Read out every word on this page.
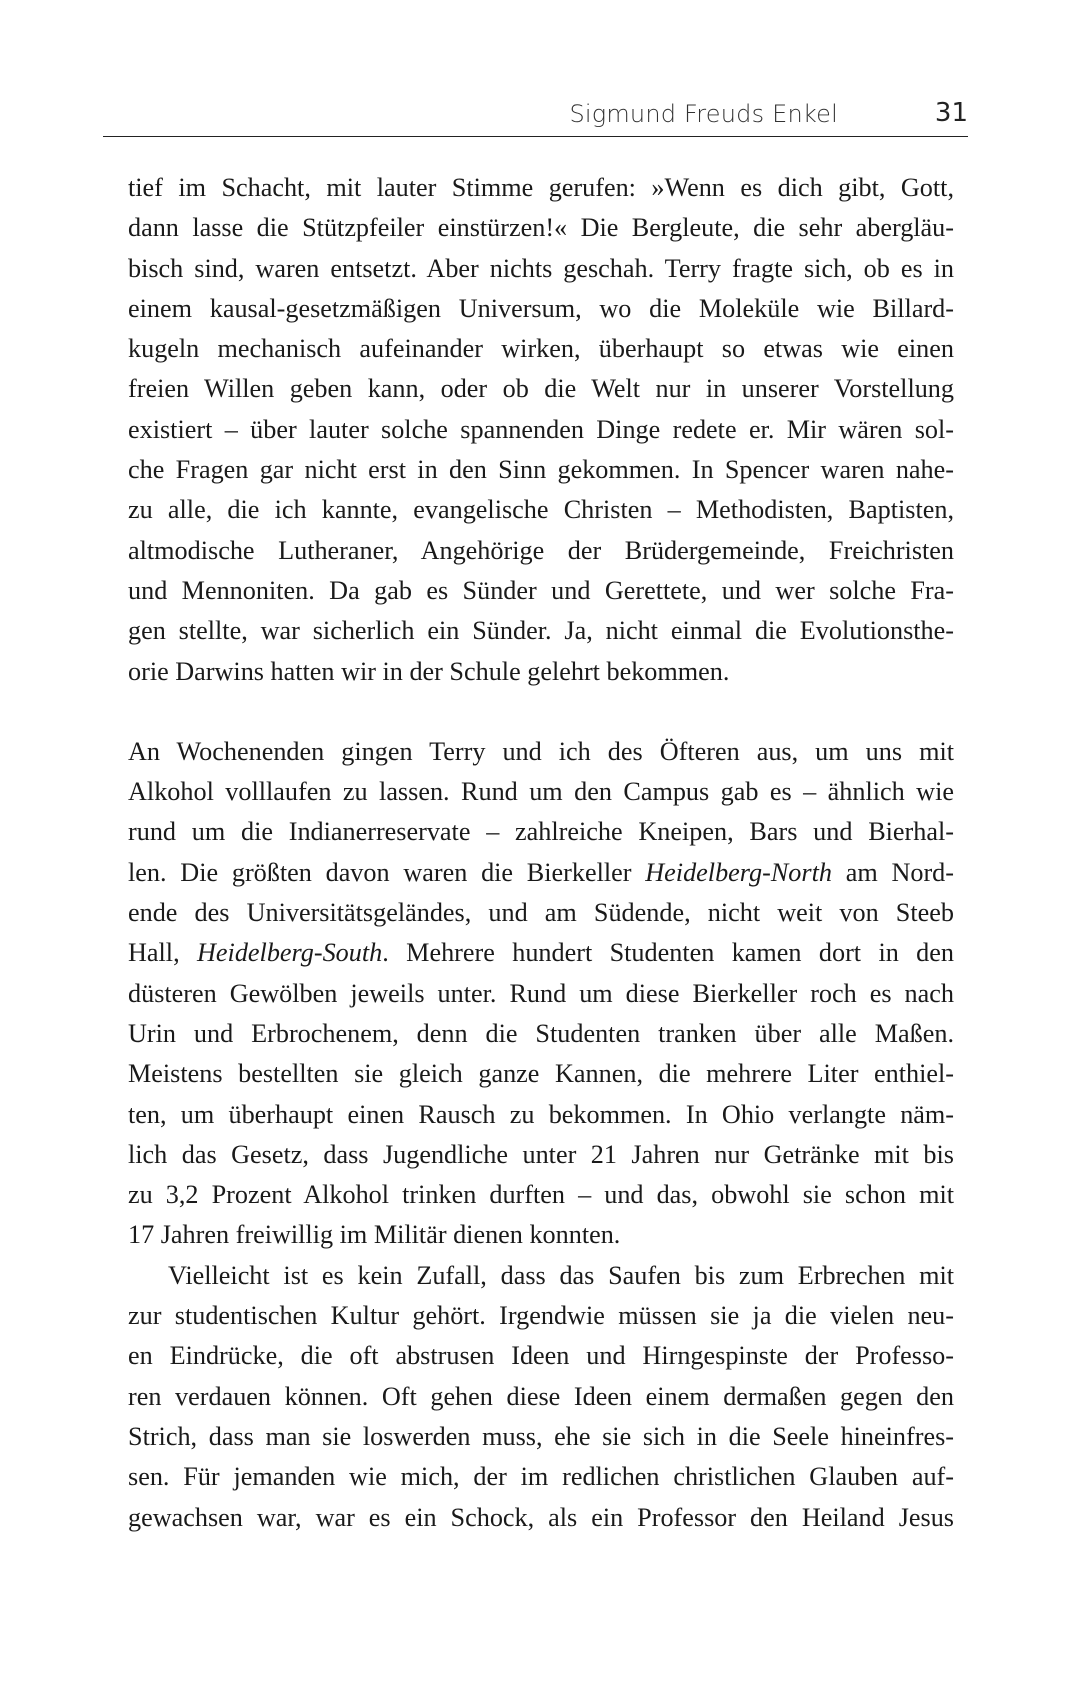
Sigmund Freuds Enkel	31
tief im Schacht, mit lauter Stimme gerufen: »Wenn es dich gibt, Gott,
dann lasse die Stützpfeiler einstürzen!« Die Bergleute, die sehr abergläu-
bisch sind, waren entsetzt. Aber nichts geschah. Terry fragte sich, ob es in
einem kausal-gesetzmäßigen Universum, wo die Moleküle wie Billard-
kugeln mechanisch aufeinander wirken, überhaupt so etwas wie einen
freien Willen geben kann, oder ob die Welt nur in unserer Vorstellung
existiert – über lauter solche spannenden Dinge redete er. Mir wären sol-
che Fragen gar nicht erst in den Sinn gekommen. In Spencer waren nahe-
zu alle, die ich kannte, evangelische Christen – Methodisten, Baptisten,
altmodische Lutheraner, Angehörige der Brüdergemeinde, Freichristen
und Mennoniten. Da gab es Sünder und Gerettete, und wer solche Fra-
gen stellte, war sicherlich ein Sünder. Ja, nicht einmal die Evolutionsthe-
orie Darwins hatten wir in der Schule gelehrt bekommen.
An Wochenenden gingen Terry und ich des Öfteren aus, um uns mit
Alkohol volllaufen zu lassen. Rund um den Campus gab es – ähnlich wie
rund um die Indianerreservate – zahlreiche Kneipen, Bars und Bierhal-
len. Die größten davon waren die Bierkeller Heidelberg-North am Nord-
ende des Universitätsgeländes, und am Südende, nicht weit von Steeb
Hall, Heidelberg-South. Mehrere hundert Studenten kamen dort in den
düsteren Gewölben jeweils unter. Rund um diese Bierkeller roch es nach
Urin und Erbrochenem, denn die Studenten tranken über alle Maßen.
Meistens bestellten sie gleich ganze Kannen, die mehrere Liter enthiel-
ten, um überhaupt einen Rausch zu bekommen. In Ohio verlangte näm-
lich das Gesetz, dass Jugendliche unter 21 Jahren nur Getränke mit bis
zu 3,2 Prozent Alkohol trinken durften – und das, obwohl sie schon mit
17 Jahren freiwillig im Militär dienen konnten.
Vielleicht ist es kein Zufall, dass das Saufen bis zum Erbrechen mit
zur studentischen Kultur gehört. Irgendwie müssen sie ja die vielen neu-
en Eindrücke, die oft abstrusen Ideen und Hirngespinste der Professo-
ren verdauen können. Oft gehen diese Ideen einem dermaßen gegen den
Strich, dass man sie loswerden muss, ehe sie sich in die Seele hineinfres-
sen. Für jemanden wie mich, der im redlichen christlichen Glauben auf-
gewachsen war, war es ein Schock, als ein Professor den Heiland Jesus
